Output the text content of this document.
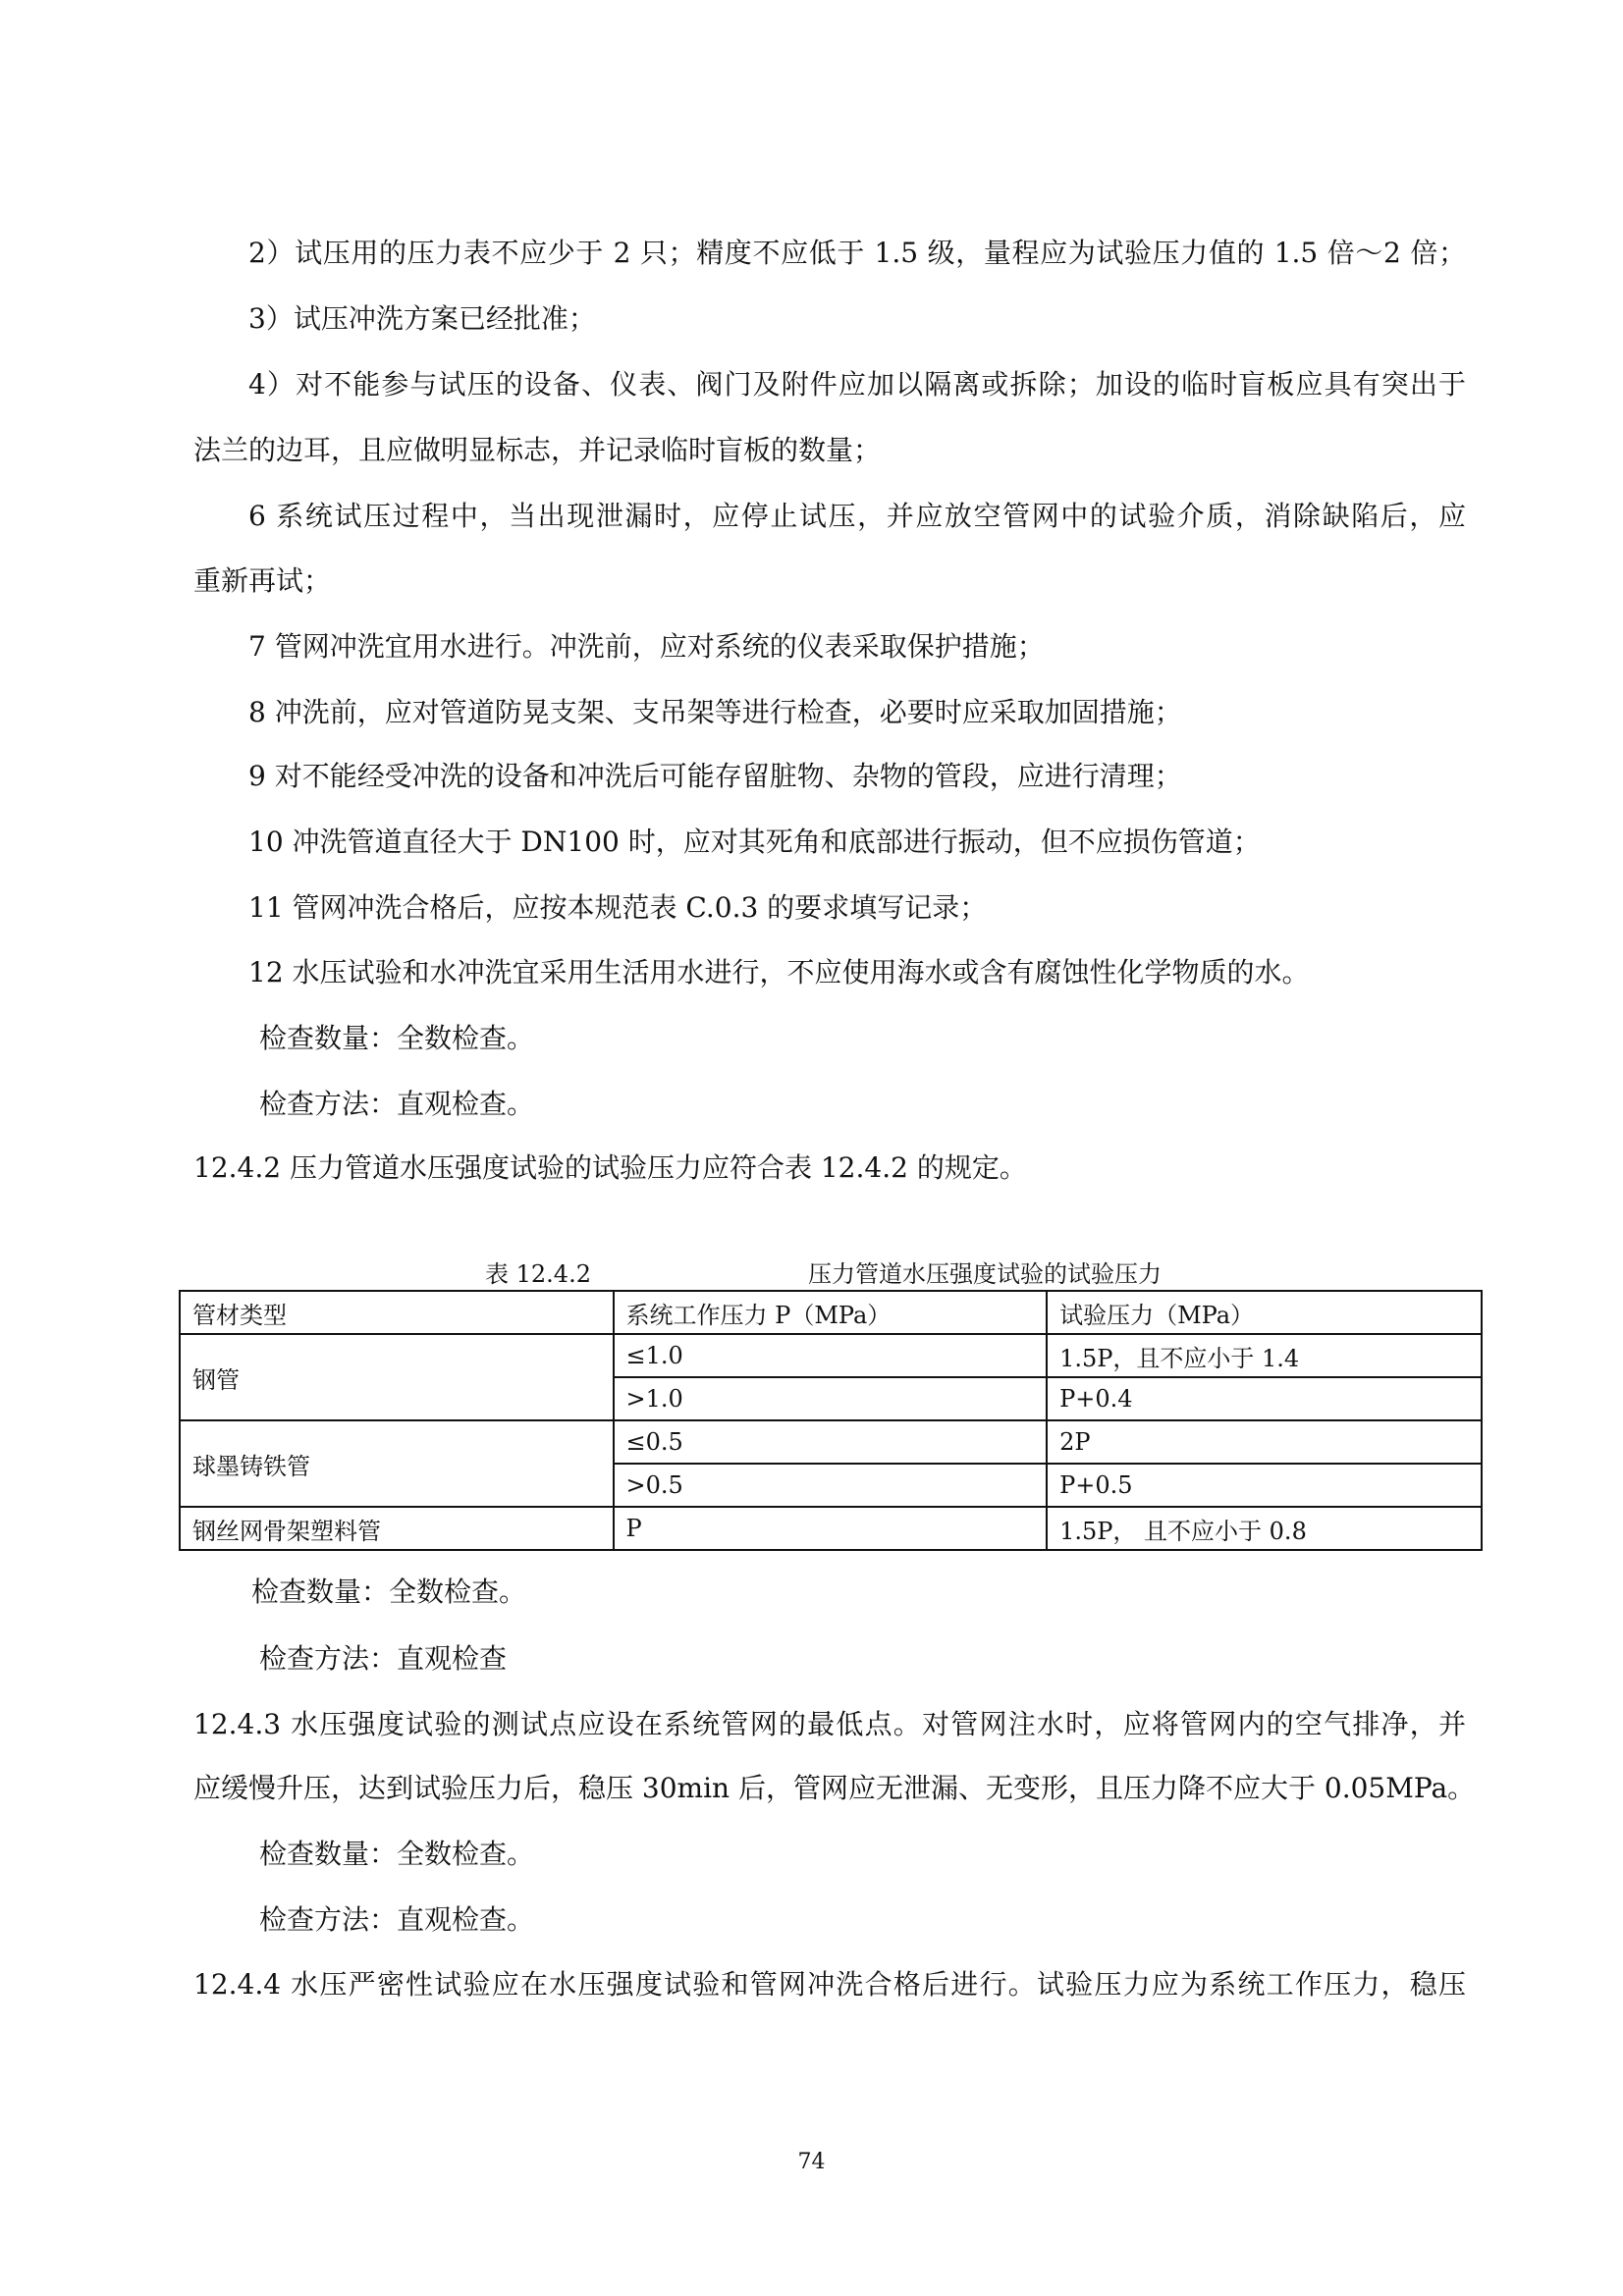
2）试压用的压力表不应少于 2 只；精度不应低于 1.5 级，量程应为试验压力值的 1.5 倍～2 倍；
3）试压冲洗方案已经批准；
4）对不能参与试压的设备、仪表、阀门及附件应加以隔离或拆除；加设的临时盲板应具有突出于
法兰的边耳，且应做明显标志，并记录临时盲板的数量；
6 系统试压过程中，当出现泄漏时，应停止试压，并应放空管网中的试验介质，消除缺陷后，应
重新再试；
7 管网冲洗宜用水进行。冲洗前，应对系统的仪表采取保护措施；
8 冲洗前，应对管道防晃支架、支吊架等进行检查，必要时应采取加固措施；
9 对不能经受冲洗的设备和冲洗后可能存留脏物、杂物的管段，应进行清理；
10 冲洗管道直径大于 DN100 时，应对其死角和底部进行振动，但不应损伤管道；
11 管网冲洗合格后，应按本规范表 C.0.3 的要求填写记录；
12 水压试验和水冲洗宜采用生活用水进行，不应使用海水或含有腐蚀性化学物质的水。
检查数量：全数检查。
检查方法：直观检查。
12.4.2 压力管道水压强度试验的试验压力应符合表 12.4.2 的规定。
表 12.4.2	压力管道水压强度试验的试验压力
管材类型	系统工作压力 P（MPa）	试验压力（MPa）
钢管	≤1.0	1.5P，且不应小于 1.4
	>1.0	P+0.4
球墨铸铁管	≤0.5	2P
	>0.5	P+0.5
钢丝网骨架塑料管	P	1.5P， 且不应小于 0.8
检查数量：全数检查。
检查方法：直观检查
12.4.3 水压强度试验的测试点应设在系统管网的最低点。对管网注水时，应将管网内的空气排净，并
应缓慢升压，达到试验压力后，稳压 30min 后，管网应无泄漏、无变形，且压力降不应大于 0.05MPa。
检查数量：全数检查。
检查方法：直观检查。
12.4.4 水压严密性试验应在水压强度试验和管网冲洗合格后进行。试验压力应为系统工作压力，稳压
74
